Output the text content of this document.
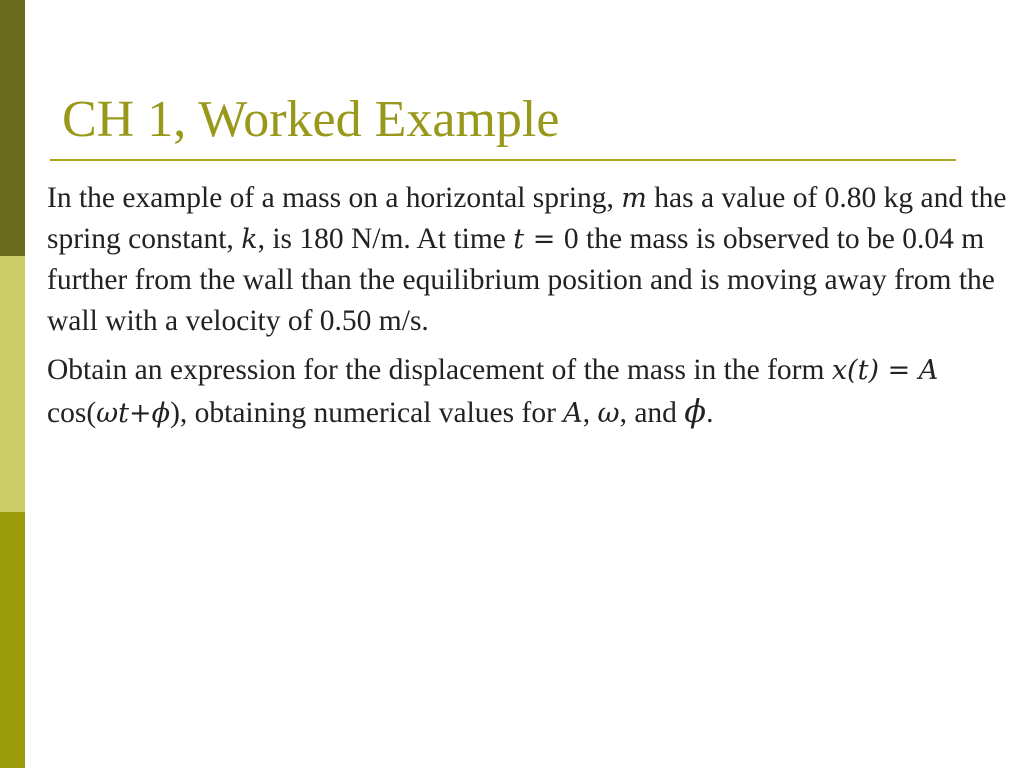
CH 1, Worked Example

In the example of a mass on a horizontal spring, m has a value of 0.80 kg and the spring constant, k, is 180 N/m. At time t = 0 the mass is observed to be 0.04 m further from the wall than the equilibrium position and is moving away from the wall with a velocity of 0.50 m/s.

Obtain an expression for the displacement of the mass in the form x(t) = A cos(ωt+ϕ), obtaining numerical values for A, ω, and ϕ.
